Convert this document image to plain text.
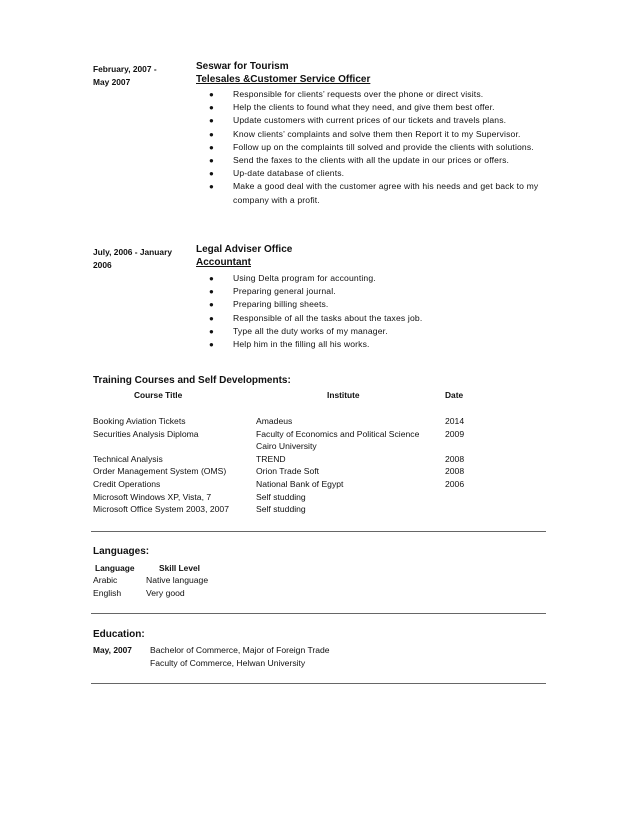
February, 2007 -
May 2007
Seswar for Tourism
Telesales &Customer Service Officer
● Responsible for clients’ requests over the phone or direct visits.
● Help the clients to found what they need, and give them best offer.
● Update customers with current prices of our tickets and travels plans.
● Know clients’ complaints and solve them then Report it to my Supervisor.
● Follow up on the complaints till solved and provide the clients with solutions.
● Send the faxes to the clients with all the update in our prices or offers.
● Up-date database of clients.
● Make a good deal with the customer agree with his needs and get back to my company with a profit.
July, 2006 - January
2006
Legal Adviser Office
Accountant
● Using Delta program for accounting.
● Preparing general journal.
● Preparing billing sheets.
● Responsible of all the tasks about the taxes job.
● Type all the duty works of my manager.
● Help him in the filling all his works.
Training Courses and Self Developments:
Course Title	Institute	Date
Booking Aviation Tickets	Amadeus	2014
Securities Analysis Diploma	Faculty of Economics and Political Science	2009
Cairo University
Technical Analysis	TREND	2008
Order Management System (OMS)	Orion Trade Soft	2008
Credit Operations	National Bank of Egypt	2006
Microsoft Windows XP, Vista, 7	Self studding
Microsoft Office System 2003, 2007	Self studding
Languages:
Language	Skill Level
Arabic	Native language
English	Very good
Education:
May, 2007 Bachelor of Commerce, Major of Foreign Trade
Faculty of Commerce, Helwan University
